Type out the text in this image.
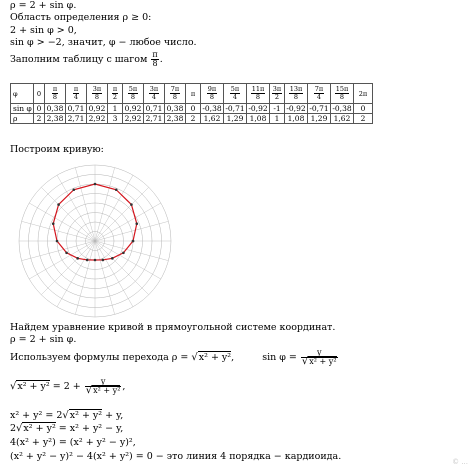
ρ = 2 + sin φ.
Область определения ρ ≥ 0:
2 + sin φ > 0,
sin φ > −2, значит, φ − любое число.
Заполним таблицу с шагом $\frac{\pi}{8}$ .
φ	0	$\frac{\pi}{8}$	$\frac{\pi}{4}$	$\frac{3\pi}{8}$	$\frac{\pi}{2}$	$\frac{5\pi}{8}$	$\frac{3\pi}{4}$	$\frac{7\pi}{8}$	π	$\frac{9\pi}{8}$	$\frac{5\pi}{4}$	$\frac{11\pi}{8}$	$\frac{3\pi}{2}$	$\frac{13\pi}{8}$	$\frac{7\pi}{4}$	$\frac{15\pi}{8}$	2π
sin φ	0	0,38	0,71	0,92	1	0,92	0,71	0,38	0	-0,38	-0,71	-0,92	-1	-0,92	-0,71	-0,38	0
ρ	2	2,38	2,71	2,92	3	2,92	2,71	2,38	2	1,62	1,29	1,08	1	1,08	1,29	1,62	2
Построим кривую:
Найдем уравнение кривой в прямоугольной системе координат.
ρ = 2 + sin φ.
Используем формулы перехода ρ = √x² + y²,	$\sin \varphi = \frac{y}{\text{√x² + y²}}$
$√x^2 + y^2 = 2 + \frac{y}{\text{√x² + y²}}$ ,
x² + y² = 2√x² + y² + y,
2√x² + y² = x² + y² − y,
4(x² + y²) = (x² + y² − y)²,
(x² + y² − y)² − 4(x² + y²) = 0 − это линия 4 порядка − кардиоида.	© ...
